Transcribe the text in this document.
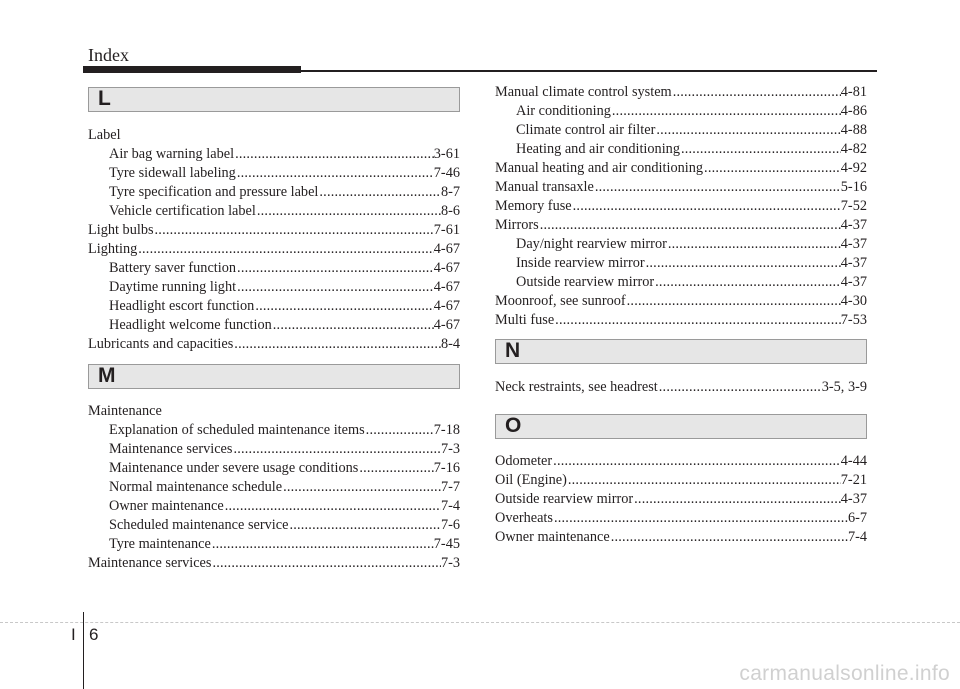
Index
L
Label
Air bag warning label .....	3-61
Tyre sidewall labeling .....	7-46
Tyre specification and pressure label .....	8-7
Vehicle certification label .....	8-6
Light bulbs .....	7-61
Lighting .....	4-67
Battery saver function .....	4-67
Daytime running light .....	4-67
Headlight escort function .....	4-67
Headlight welcome function .....	4-67
Lubricants and capacities .....	8-4
M
Maintenance
Explanation of scheduled maintenance items .....	7-18
Maintenance services .....	7-3
Maintenance under severe usage conditions .....	7-16
Normal maintenance schedule .....	7-7
Owner maintenance .....	7-4
Scheduled maintenance service .....	7-6
Tyre maintenance .....	7-45
Maintenance services .....	7-3
Manual climate control system .....	4-81
Air conditioning .....	4-86
Climate control air filter .....	4-88
Heating and air conditioning .....	4-82
Manual heating and air conditioning .....	4-92
Manual transaxle .....	5-16
Memory fuse .....	7-52
Mirrors .....	4-37
Day/night rearview mirror .....	4-37
Inside rearview mirror .....	4-37
Outside rearview mirror .....	4-37
Moonroof, see sunroof .....	4-30
Multi fuse .....	7-53
N
Neck restraints, see headrest .....	3-5, 3-9
O
Odometer .....	4-44
Oil (Engine) .....	7-21
Outside rearview mirror .....	4-37
Overheats .....	6-7
Owner maintenance .....	7-4
I 6
carmanualsonline.info
